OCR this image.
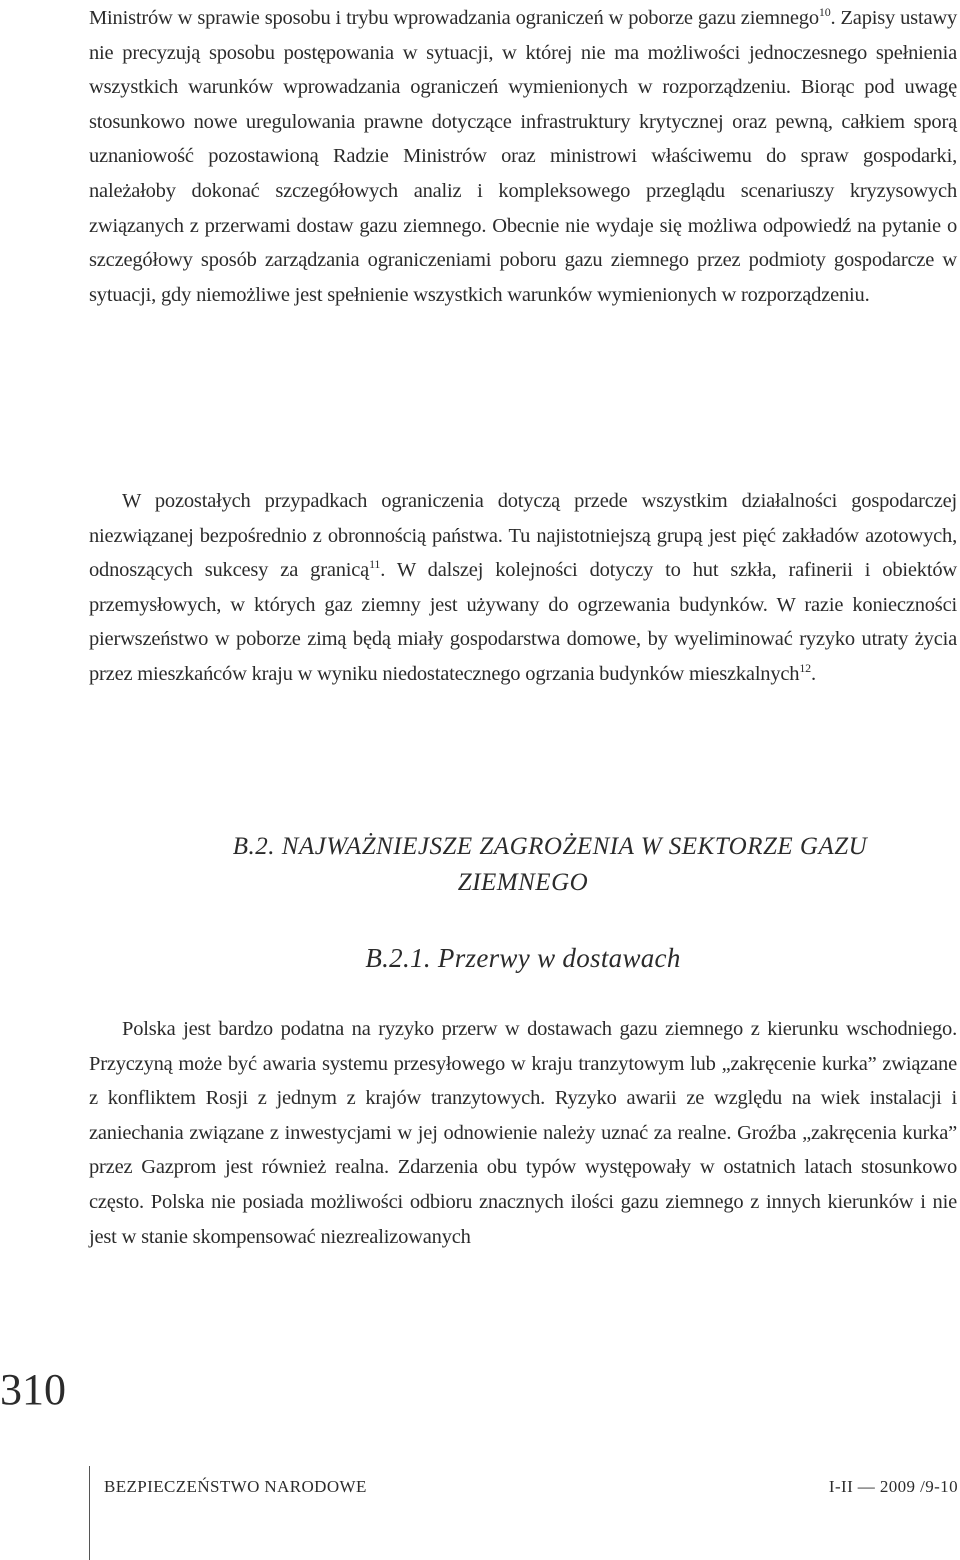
Ministrów w sprawie sposobu i trybu wprowadzania ograniczeń w poborze gazu ziemnego$^{10}$. Zapisy ustawy nie precyzują sposobu postępowania w sytuacji, w której nie ma możliwości jednoczesnego spełnienia wszystkich warunków wprowadzania ograniczeń wymienionych w rozporządzeniu. Biorąc pod uwagę stosunkowo nowe uregulowania prawne dotyczące infrastruktury krytycznej oraz pewną, całkiem sporą uznaniowość pozostawioną Radzie Ministrów oraz ministrowi właściwemu do spraw gospodarki, należałoby dokonać szczegółowych analiz i kompleksowego przeglądu scenariuszy kryzysowych związanych z przerwami dostaw gazu ziemnego. Obecnie nie wydaje się możliwa odpowiedź na pytanie o szczegółowy sposób zarządzania ograniczeniami poboru gazu ziemnego przez podmioty gospodarcze w sytuacji, gdy niemożliwe jest spełnienie wszystkich warunków wymienionych w rozporządzeniu.
W pozostałych przypadkach ograniczenia dotyczą przede wszystkim działalności gospodarczej niezwiązanej bezpośrednio z obronnością państwa. Tu najistotniejszą grupą jest pięć zakładów azotowych, odnoszących sukcesy za granicą$^{11}$. W dalszej kolejności dotyczy to hut szkła, rafinerii i obiektów przemysłowych, w których gaz ziemny jest używany do ogrzewania budynków. W razie konieczności pierwszeństwo w poborze zimą będą miały gospodarstwa domowe, by wyeliminować ryzyko utraty życia przez mieszkańców kraju w wyniku niedostatecznego ogrzania budynków mieszkalnych$^{12}$.
B.2. NAJWAŻNIEJSZE ZAGROŻENIA W SEKTORZE GAZU
ZIEMNEGO
B.2.1. Przerwy w dostawach
Polska jest bardzo podatna na ryzyko przerw w dostawach gazu ziemnego z kierunku wschodniego. Przyczyną może być awaria systemu przesyłowego w kraju tranzytowym lub „zakręcenie kurka” związane z konfliktem Rosji z jednym z krajów tranzytowych. Ryzyko awarii ze względu na wiek instalacji i zaniechania związane z inwestycjami w jej odnowienie należy uznać za realne. Groźba „zakręcenia kurka” przez Gazprom jest również realna. Zdarzenia obu typów występowały w ostatnich latach stosunkowo często. Polska nie posiada możliwości odbioru znacznych ilości gazu ziemnego z innych kierunków i nie jest w stanie skompensować niezrealizowanych
310
BEZPIECZEŃSTWO NARODOWE	I-II — 2009 /9-10
